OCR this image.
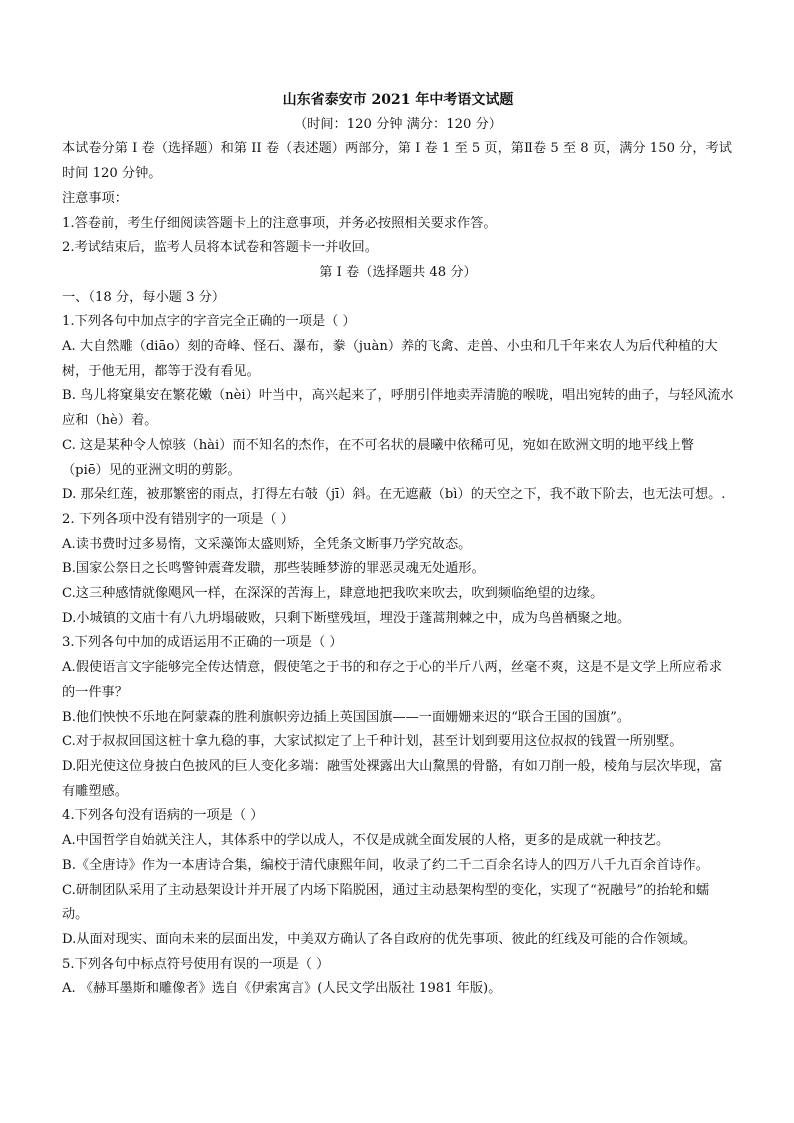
山东省泰安市 2021 年中考语文试题

（时间：120 分钟 满分：120 分）

本试卷分第 I 卷（选择题）和第 II 卷（表述题）两部分，第 I 卷 1 至 5 页，第Ⅱ卷 5 至 8 页，满分 150 分，考试时间 120 分钟。

注意事项：

1.答卷前，考生仔细阅读答题卡上的注意事项，并务必按照相关要求作答。

2.考试结束后，监考人员将本试卷和答题卡一并收回。

第 I 卷（选择题共 48 分）

一、（18 分，每小题 3 分）

1.下列各句中加点字的字音完全正确的一项是（ ）

A. 大自然雕（diāo）刻的奇峰、怪石、瀑布，豢（juàn）养的飞禽、走兽、小虫和几千年来农人为后代种植的大树，于他无用，都等于没有看见。

B. 鸟儿将窠巢安在繁花嫩（nèi）叶当中，高兴起来了，呼朋引伴地卖弄清脆的喉咙，唱出宛转的曲子，与轻风流水应和（hè）着。

C. 这是某种令人惊骇（hài）而不知名的杰作，在不可名状的晨曦中依稀可见，宛如在欧洲文明的地平线上瞥（piē）见的亚洲文明的剪影。

D. 那朵红莲，被那繁密的雨点，打得左右攲（jī）斜。在无遮蔽（bì）的天空之下，我不敢下阶去，也无法可想。.

2. 下列各项中没有错别字的一项是（ ）

A.读书费时过多易惰，文采藻饰太盛则矫，全凭条文断事乃学究故态。

B.国家公祭日之长鸣警钟震聋发聩，那些装睡梦游的罪恶灵魂无处遁形。

C.这三种感情就像飓风一样，在深深的苦海上，肆意地把我吹来吹去，吹到频临绝望的边缘。

D.小城镇的文庙十有八九坍塌破败，只剩下断壁残垣，埋没于蓬蒿荆棘之中，成为鸟兽栖聚之地。

3.下列各句中加的成语运用不正确的一项是（ ）

A.假使语言文字能够完全传达情意，假使笔之于书的和存之于心的半斤八两，丝毫不爽，这是不是文学上所应希求的一件事？

B.他们怏怏不乐地在阿蒙森的胜利旗帜旁边插上英国国旗——一面姗姗来迟的“联合王国的国旗”。

C.对于叔叔回国这桩十拿九稳的事，大家试拟定了上千种计划，甚至计划到要用这位叔叔的钱置一所别墅。

D.阳光使这位身披白色披风的巨人变化多端：融雪处裸露出大山黧黑的骨骼，有如刀削一般，棱角与层次毕现，富有雕塑感。

4.下列各句没有语病的一项是（ ）

A.中国哲学自始就关注人，其体系中的学以成人，不仅是成就全面发展的人格，更多的是成就一种技艺。

B.《全唐诗》作为一本唐诗合集，编校于清代康熙年间，收录了约二千二百余名诗人的四万八千九百余首诗作。

C.研制团队采用了主动悬架设计并开展了内场下陷脱困，通过主动悬架构型的变化，实现了“祝融号”的抬轮和蠕动。

D.从面对现实、面向未来的层面出发，中美双方确认了各自政府的优先事项、彼此的红线及可能的合作领域。

5.下列各句中标点符号使用有误的一项是（ ）

A. 《赫耳墨斯和雕像者》选自《伊索寓言》(人民文学出版社 1981 年版)。
